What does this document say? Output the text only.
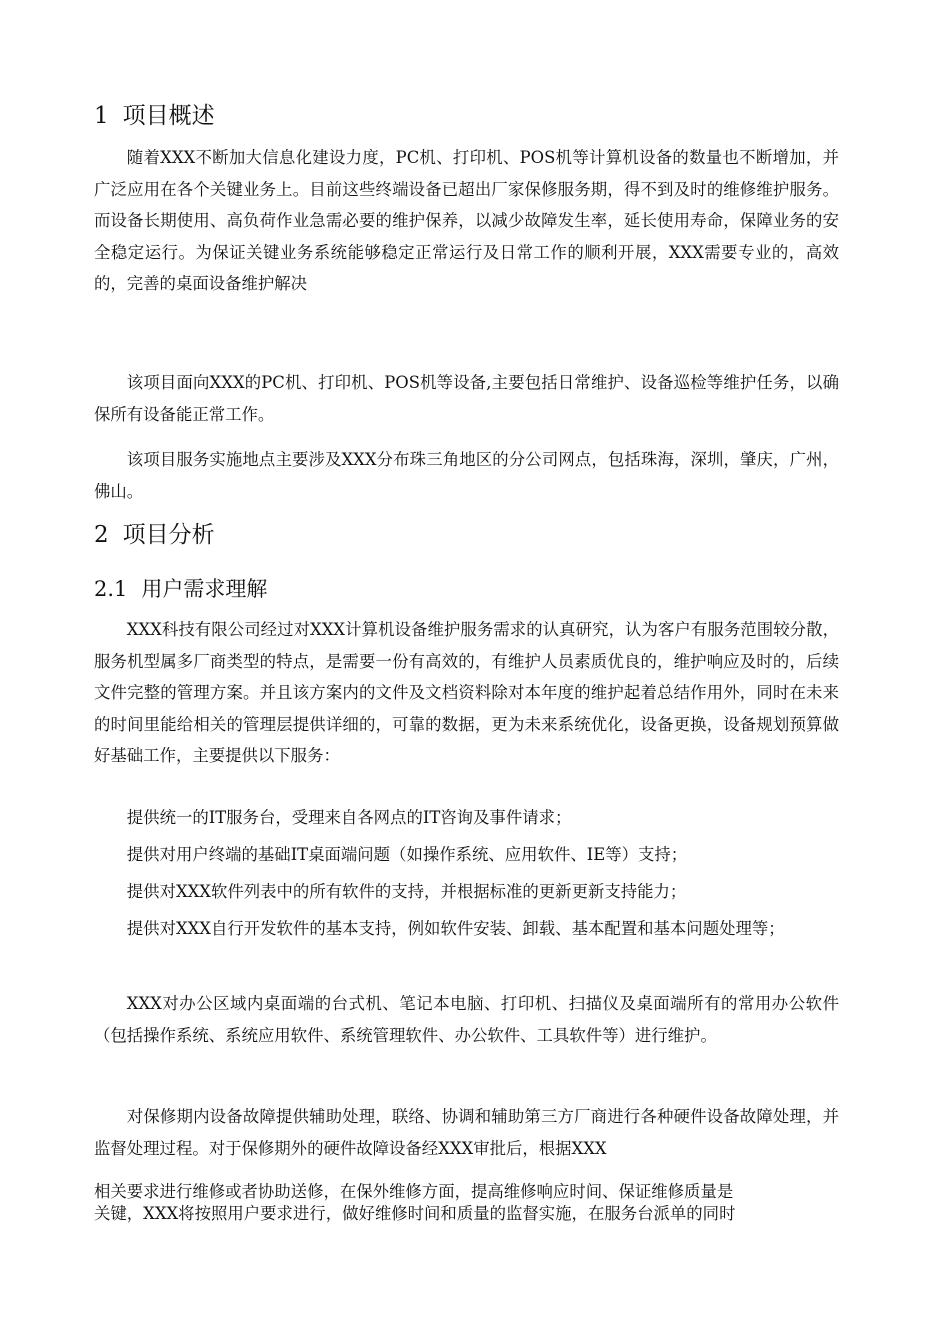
1 项目概述

随着XXX不断加大信息化建设力度，PC机、打印机、POS机等计算机设备的数量也不断增加，并广泛应用在各个关键业务上。目前这些终端设备已超出厂家保修服务期，得不到及时的维修维护服务。而设备长期使用、高负荷作业急需必要的维护保养，以减少故障发生率，延长使用寿命，保障业务的安全稳定运行。为保证关键业务系统能够稳定正常运行及日常工作的顺利开展，XXX需要专业的，高效的，完善的桌面设备维护解决

该项目面向XXX的PC机、打印机、POS机等设备,主要包括日常维护、设备巡检等维护任务，以确保所有设备能正常工作。

该项目服务实施地点主要涉及XXX分布珠三角地区的分公司网点，包括珠海，深圳，肇庆，广州，佛山。

2 项目分析
2.1 用户需求理解

XXX科技有限公司经过对XXX计算机设备维护服务需求的认真研究，认为客户有服务范围较分散，服务机型属多厂商类型的特点，是需要一份有高效的，有维护人员素质优良的，维护响应及时的，后续文件完整的管理方案。并且该方案内的文件及文档资料除对本年度的维护起着总结作用外，同时在未来的时间里能给相关的管理层提供详细的，可靠的数据，更为未来系统优化，设备更换，设备规划预算做好基础工作，主要提供以下服务：

提供统一的IT服务台，受理来自各网点的IT咨询及事件请求；

提供对用户终端的基础IT桌面端问题（如操作系统、应用软件、IE等）支持；

提供对XXX软件列表中的所有软件的支持，并根据标准的更新更新支持能力；

提供对XXX自行开发软件的基本支持，例如软件安装、卸载、基本配置和基本问题处理等；

XXX对办公区域内桌面端的台式机、笔记本电脑、打印机、扫描仪及桌面端所有的常用办公软件（包括操作系统、系统应用软件、系统管理软件、办公软件、工具软件等）进行维护。

对保修期内设备故障提供辅助处理，联络、协调和辅助第三方厂商进行各种硬件设备故障处理，并监督处理过程。对于保修期外的硬件故障设备经XXX审批后，根据XXX

相关要求进行维修或者协助送修，在保外维修方面，提高维修响应时间、保证维修质量是

关键，XXX将按照用户要求进行，做好维修时间和质量的监督实施，在服务台派单的同时
